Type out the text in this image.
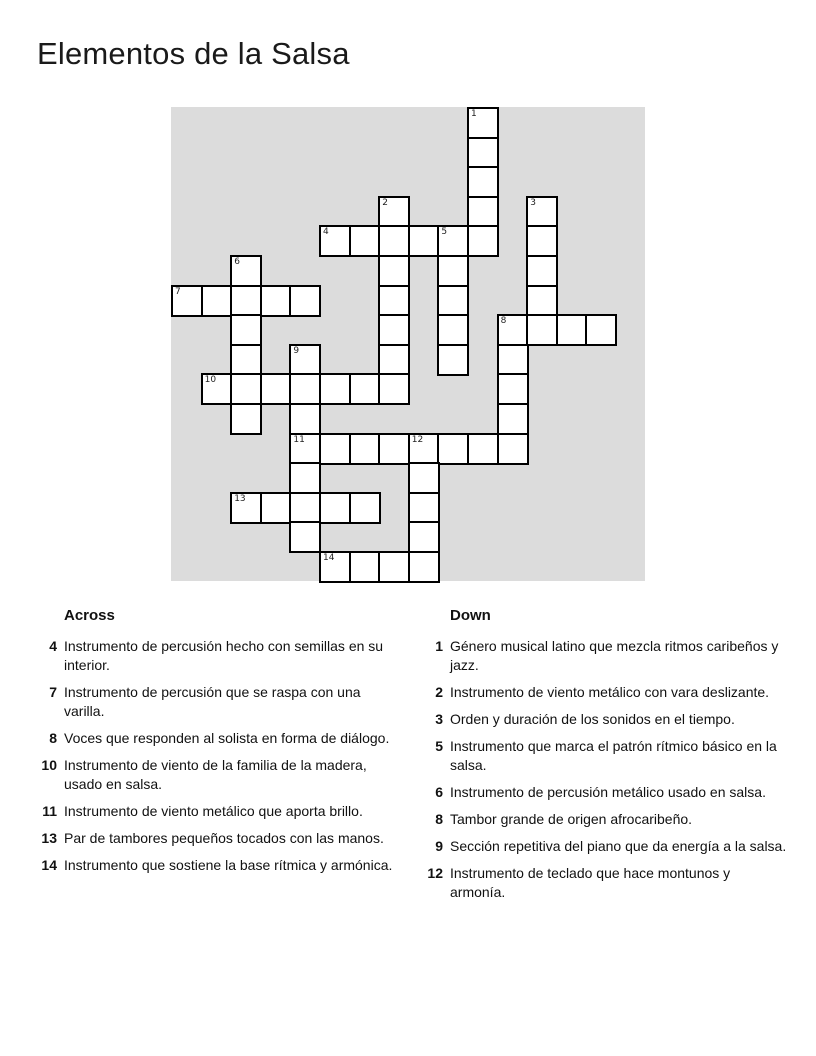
Elementos de la Salsa
1
2	3
4	5
6
7
8
9
10
11	12
13
14
Across
4 Instrumento de percusión hecho con semillas en su interior.
7 Instrumento de percusión que se raspa con una varilla.
8 Voces que responden al solista en forma de diálogo.
10 Instrumento de viento de la familia de la madera, usado en salsa.
11 Instrumento de viento metálico que aporta brillo.
13 Par de tambores pequeños tocados con las manos.
14 Instrumento que sostiene la base rítmica y armónica.
Down
1 Género musical latino que mezcla ritmos caribeños y jazz.
2 Instrumento de viento metálico con vara deslizante.
3 Orden y duración de los sonidos en el tiempo.
5 Instrumento que marca el patrón rítmico básico en la salsa.
6 Instrumento de percusión metálico usado en salsa.
8 Tambor grande de origen afrocaribeño.
9 Sección repetitiva del piano que da energía a la salsa.
12 Instrumento de teclado que hace montunos y armonía.
